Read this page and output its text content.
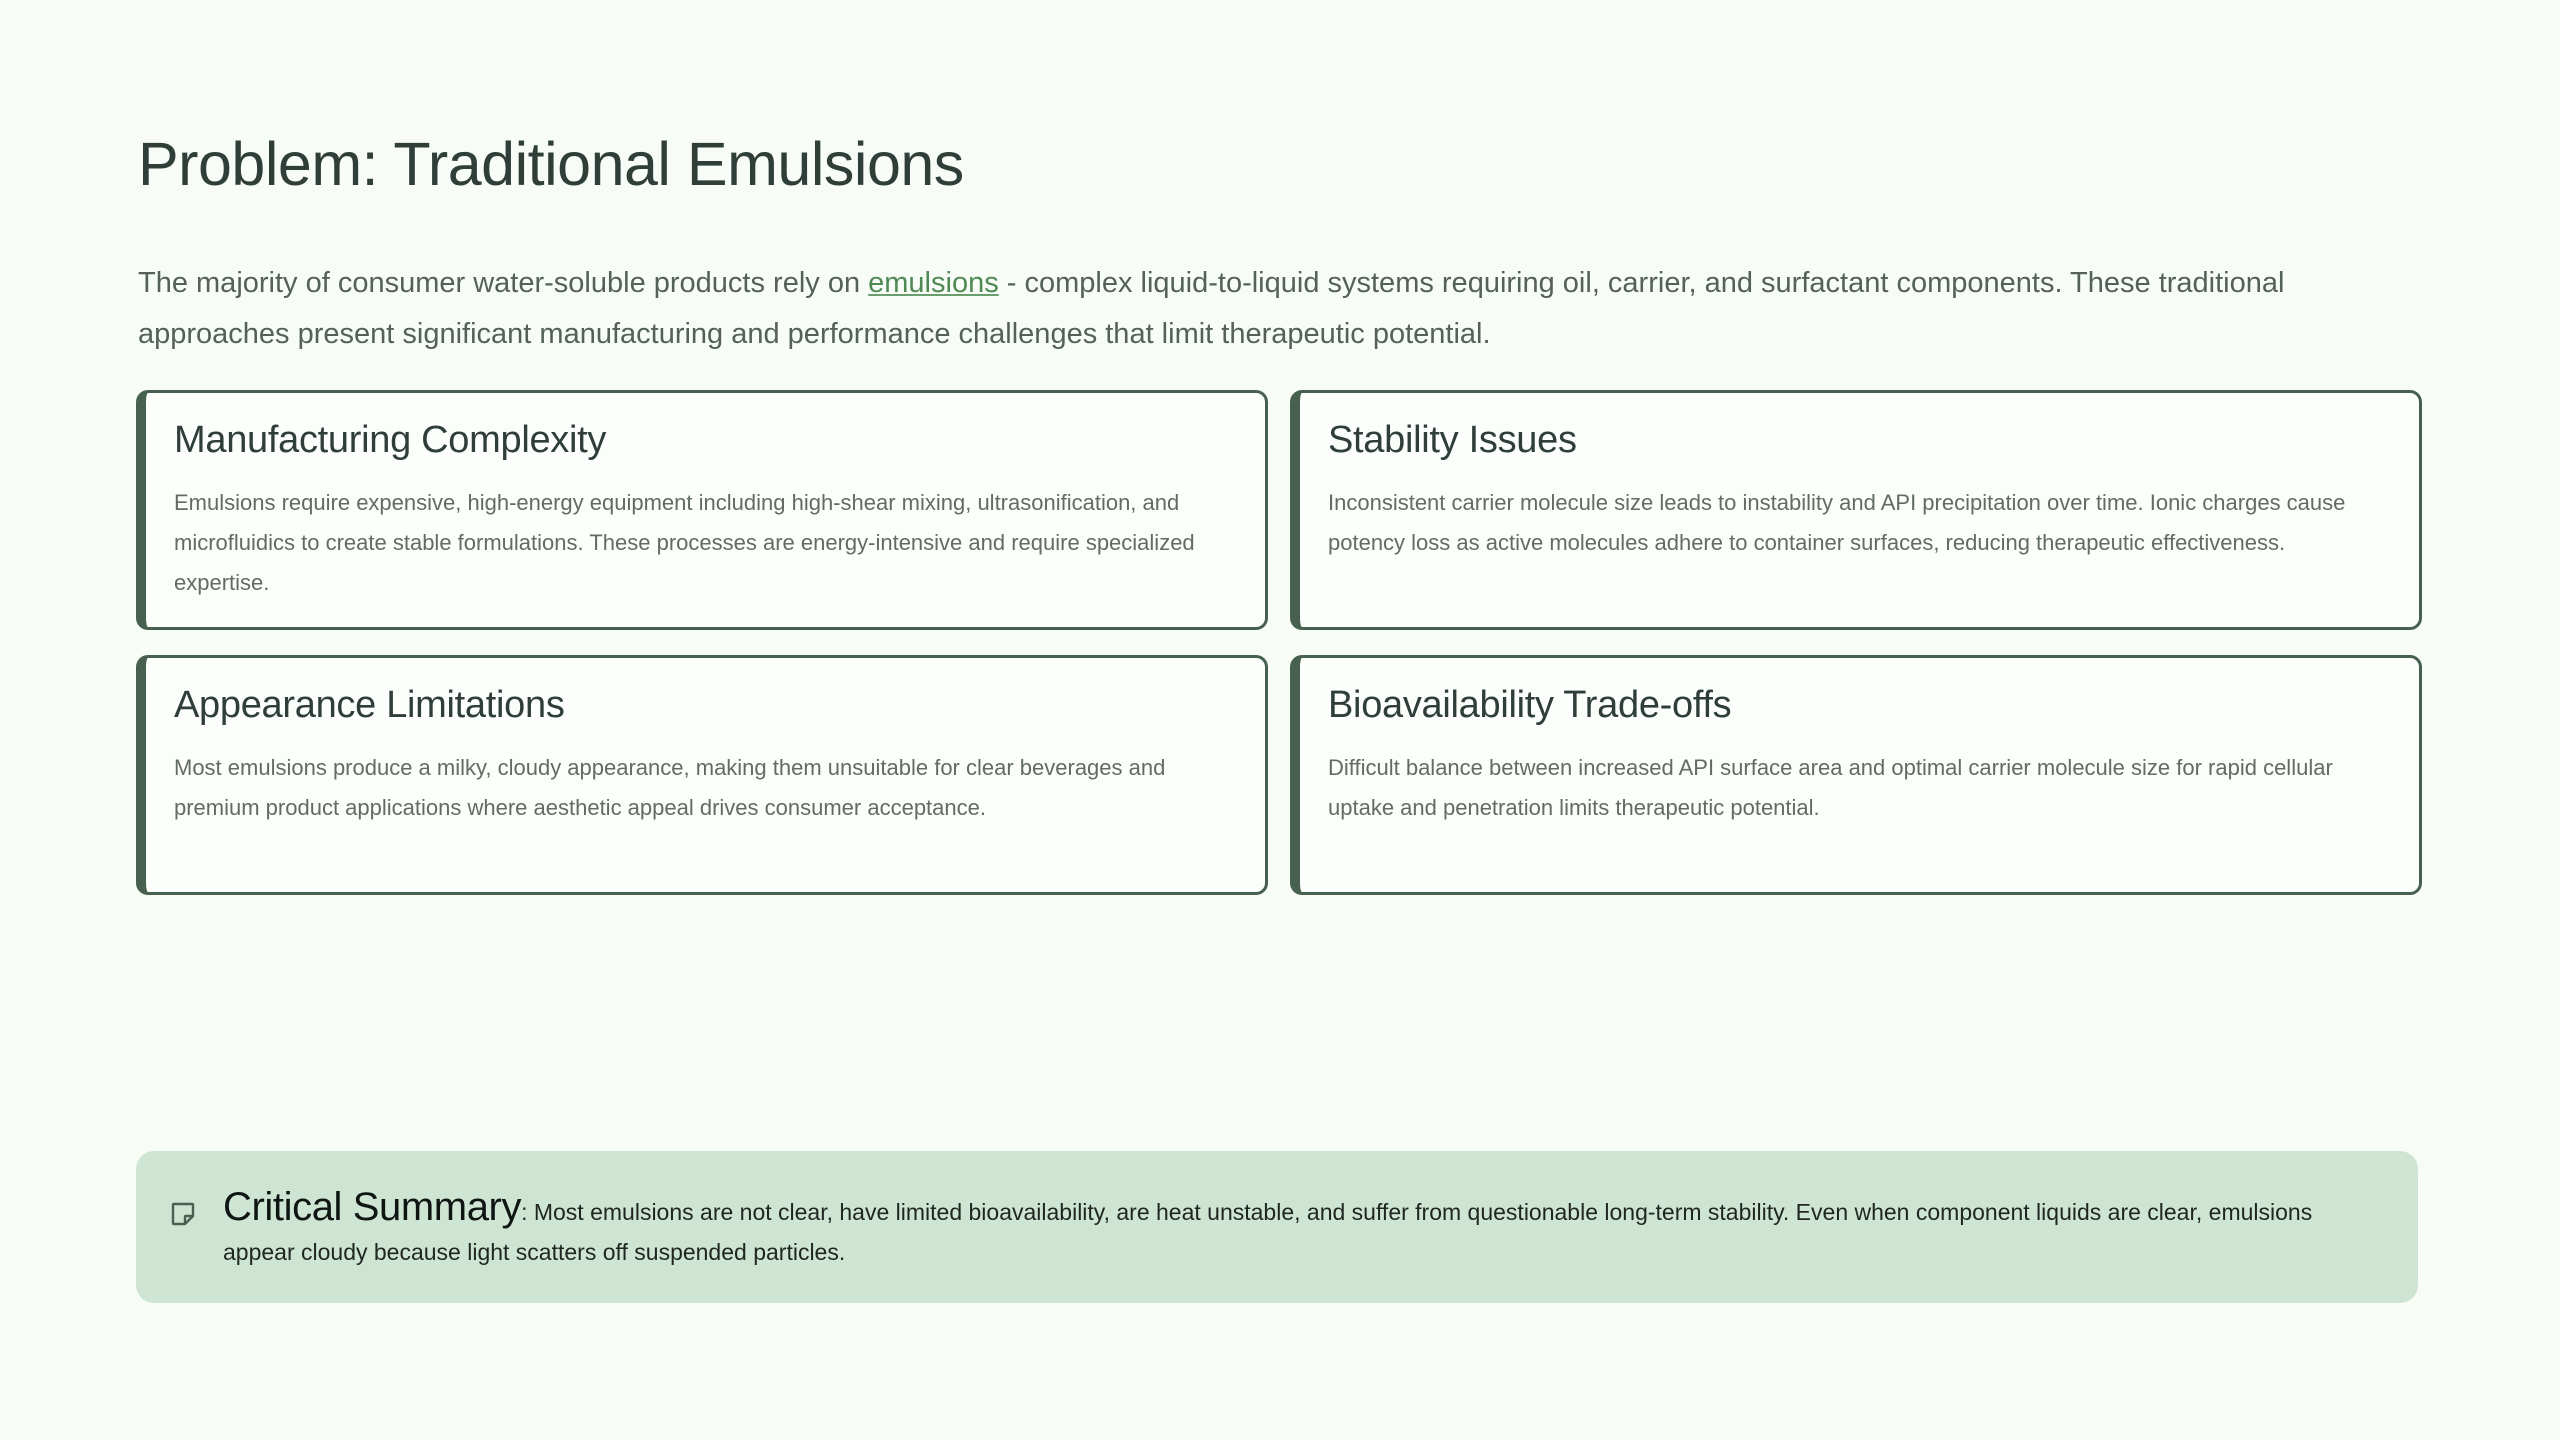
Problem: Traditional Emulsions

The majority of consumer water-soluble products rely on emulsions - complex liquid-to-liquid systems requiring oil, carrier, and surfactant components. These traditional approaches present significant manufacturing and performance challenges that limit therapeutic potential.

Manufacturing Complexity

Emulsions require expensive, high-energy equipment including high-shear mixing, ultrasonification, and microfluidics to create stable formulations. These processes are energy-intensive and require specialized expertise.

Stability Issues

Inconsistent carrier molecule size leads to instability and API precipitation over time. Ionic charges cause potency loss as active molecules adhere to container surfaces, reducing therapeutic effectiveness.

Appearance Limitations

Most emulsions produce a milky, cloudy appearance, making them unsuitable for clear beverages and premium product applications where aesthetic appeal drives consumer acceptance.

Bioavailability Trade-offs

Difficult balance between increased API surface area and optimal carrier molecule size for rapid cellular uptake and penetration limits therapeutic potential.

Critical Summary: Most emulsions are not clear, have limited bioavailability, are heat unstable, and suffer from questionable long-term stability. Even when component liquids are clear, emulsions appear cloudy because light scatters off suspended particles.
